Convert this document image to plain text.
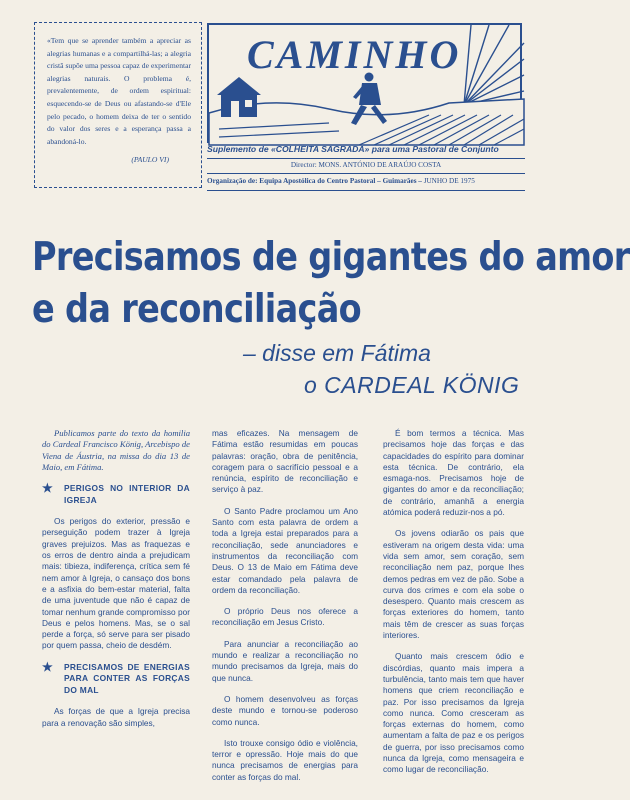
«Tem que se aprender também a apreciar as alegrias humanas e a compartilhá-las; a alegria cristã supõe uma pessoa capaz de experimentar alegrias naturais. O problema é, prevalentemente, de ordem espiritual: esquecendo-se de Deus ou afastando-se d'Ele pelo pecado, o homem deixa de ter o sentido do valor dos seres e a esperança passa a abandoná-lo.
(PAULO VI)
CAMINHO
Suplemento de «COLHEITA SAGRADA» para uma Pastoral de Conjunto
Director: MONS. ANTÓNIO DE ARAÚJO COSTA
Organização de: Equipa Apostólica do Centro Pastoral – Guimarães – JUNHO DE 1975
Precisamos de gigantes do amor
e da reconciliação
– disse em Fátima
o CARDEAL KÖNIG

Publicamos parte do texto da homilia do Cardeal Francisco König, Arcebispo de Viena de Áustria, na missa do dia 13 de Maio, em Fátima.

★ PERIGOS NO INTERIOR DA IGREJA

Os perigos do exterior, pressão e perseguição podem trazer à Igreja graves prejuizos. Mas as fraquezas e os erros de dentro ainda a prejudicam mais: tibieza, indiferença, crítica sem fé nem amor à Igreja, o cansaço dos bons e a asfixia do bem-estar material, falta de uma juventude que não é capaz de tomar nenhum grande compromisso por Deus e pelos homens. Mas, se o sal perde a força, só serve para ser pisado por quem passa, cheio de desdém.

★ PRECISAMOS DE ENERGIAS PARA CONTER AS FORÇAS DO MAL

As forças de que a Igreja precisa para a renovação são simples,

mas eficazes. Na mensagem de Fátima estão resumidas em poucas palavras: oração, obra de penitência, coragem para o sacrifício pessoal e a renúncia, espírito de reconciliação e serviço à paz.

O Santo Padre proclamou um Ano Santo com esta palavra de ordem a toda a Igreja estai preparados para a reconciliação, sede anunciadores e instrumentos da reconciliação com Deus. O 13 de Maio em Fátima deve estar comandado pela palavra de ordem da reconciliação.

O próprio Deus nos oferece a reconciliação em Jesus Cristo.

Para anunciar a reconciliação ao mundo e realizar a reconciliação no mundo precisamos da Igreja, mais do que nunca.

O homem desenvolveu as forças deste mundo e tornou-se poderoso como nunca.

Isto trouxe consigo ódio e violência, terror e opressão. Hoje mais do que nunca precisamos de energias para conter as forças do mal.

É bom termos a técnica. Mas precisamos hoje das forças e das capacidades do espírito para dominar esta técnica. De contrário, ela esmaga-nos. Precisamos hoje de gigantes do amor e da reconciliação; de contrário, amanhã a energia atómica poderá reduzir-nos a pó.

Os jovens odiarão os pais que estiveram na origem desta vida: uma vida sem amor, sem coração, sem reconciliação nem paz, porque lhes demos pedras em vez de pão. Sobe a curva dos crimes e com ela sobe o desespero. Quanto mais crescem as forças exteriores do homem, tanto mais têm de crescer as suas forças interiores.

Quanto mais crescem ódio e discórdias, quanto mais impera a turbulência, tanto mais tem que haver homens que criem reconciliação e paz. Por isso precisamos da Igreja como nunca. Como cresceram as forças externas do homem, como aumentam a falta de paz e os perigos de guerra, por isso precisamos como nunca da Igreja, como mensageira e como lugar de reconciliação.
